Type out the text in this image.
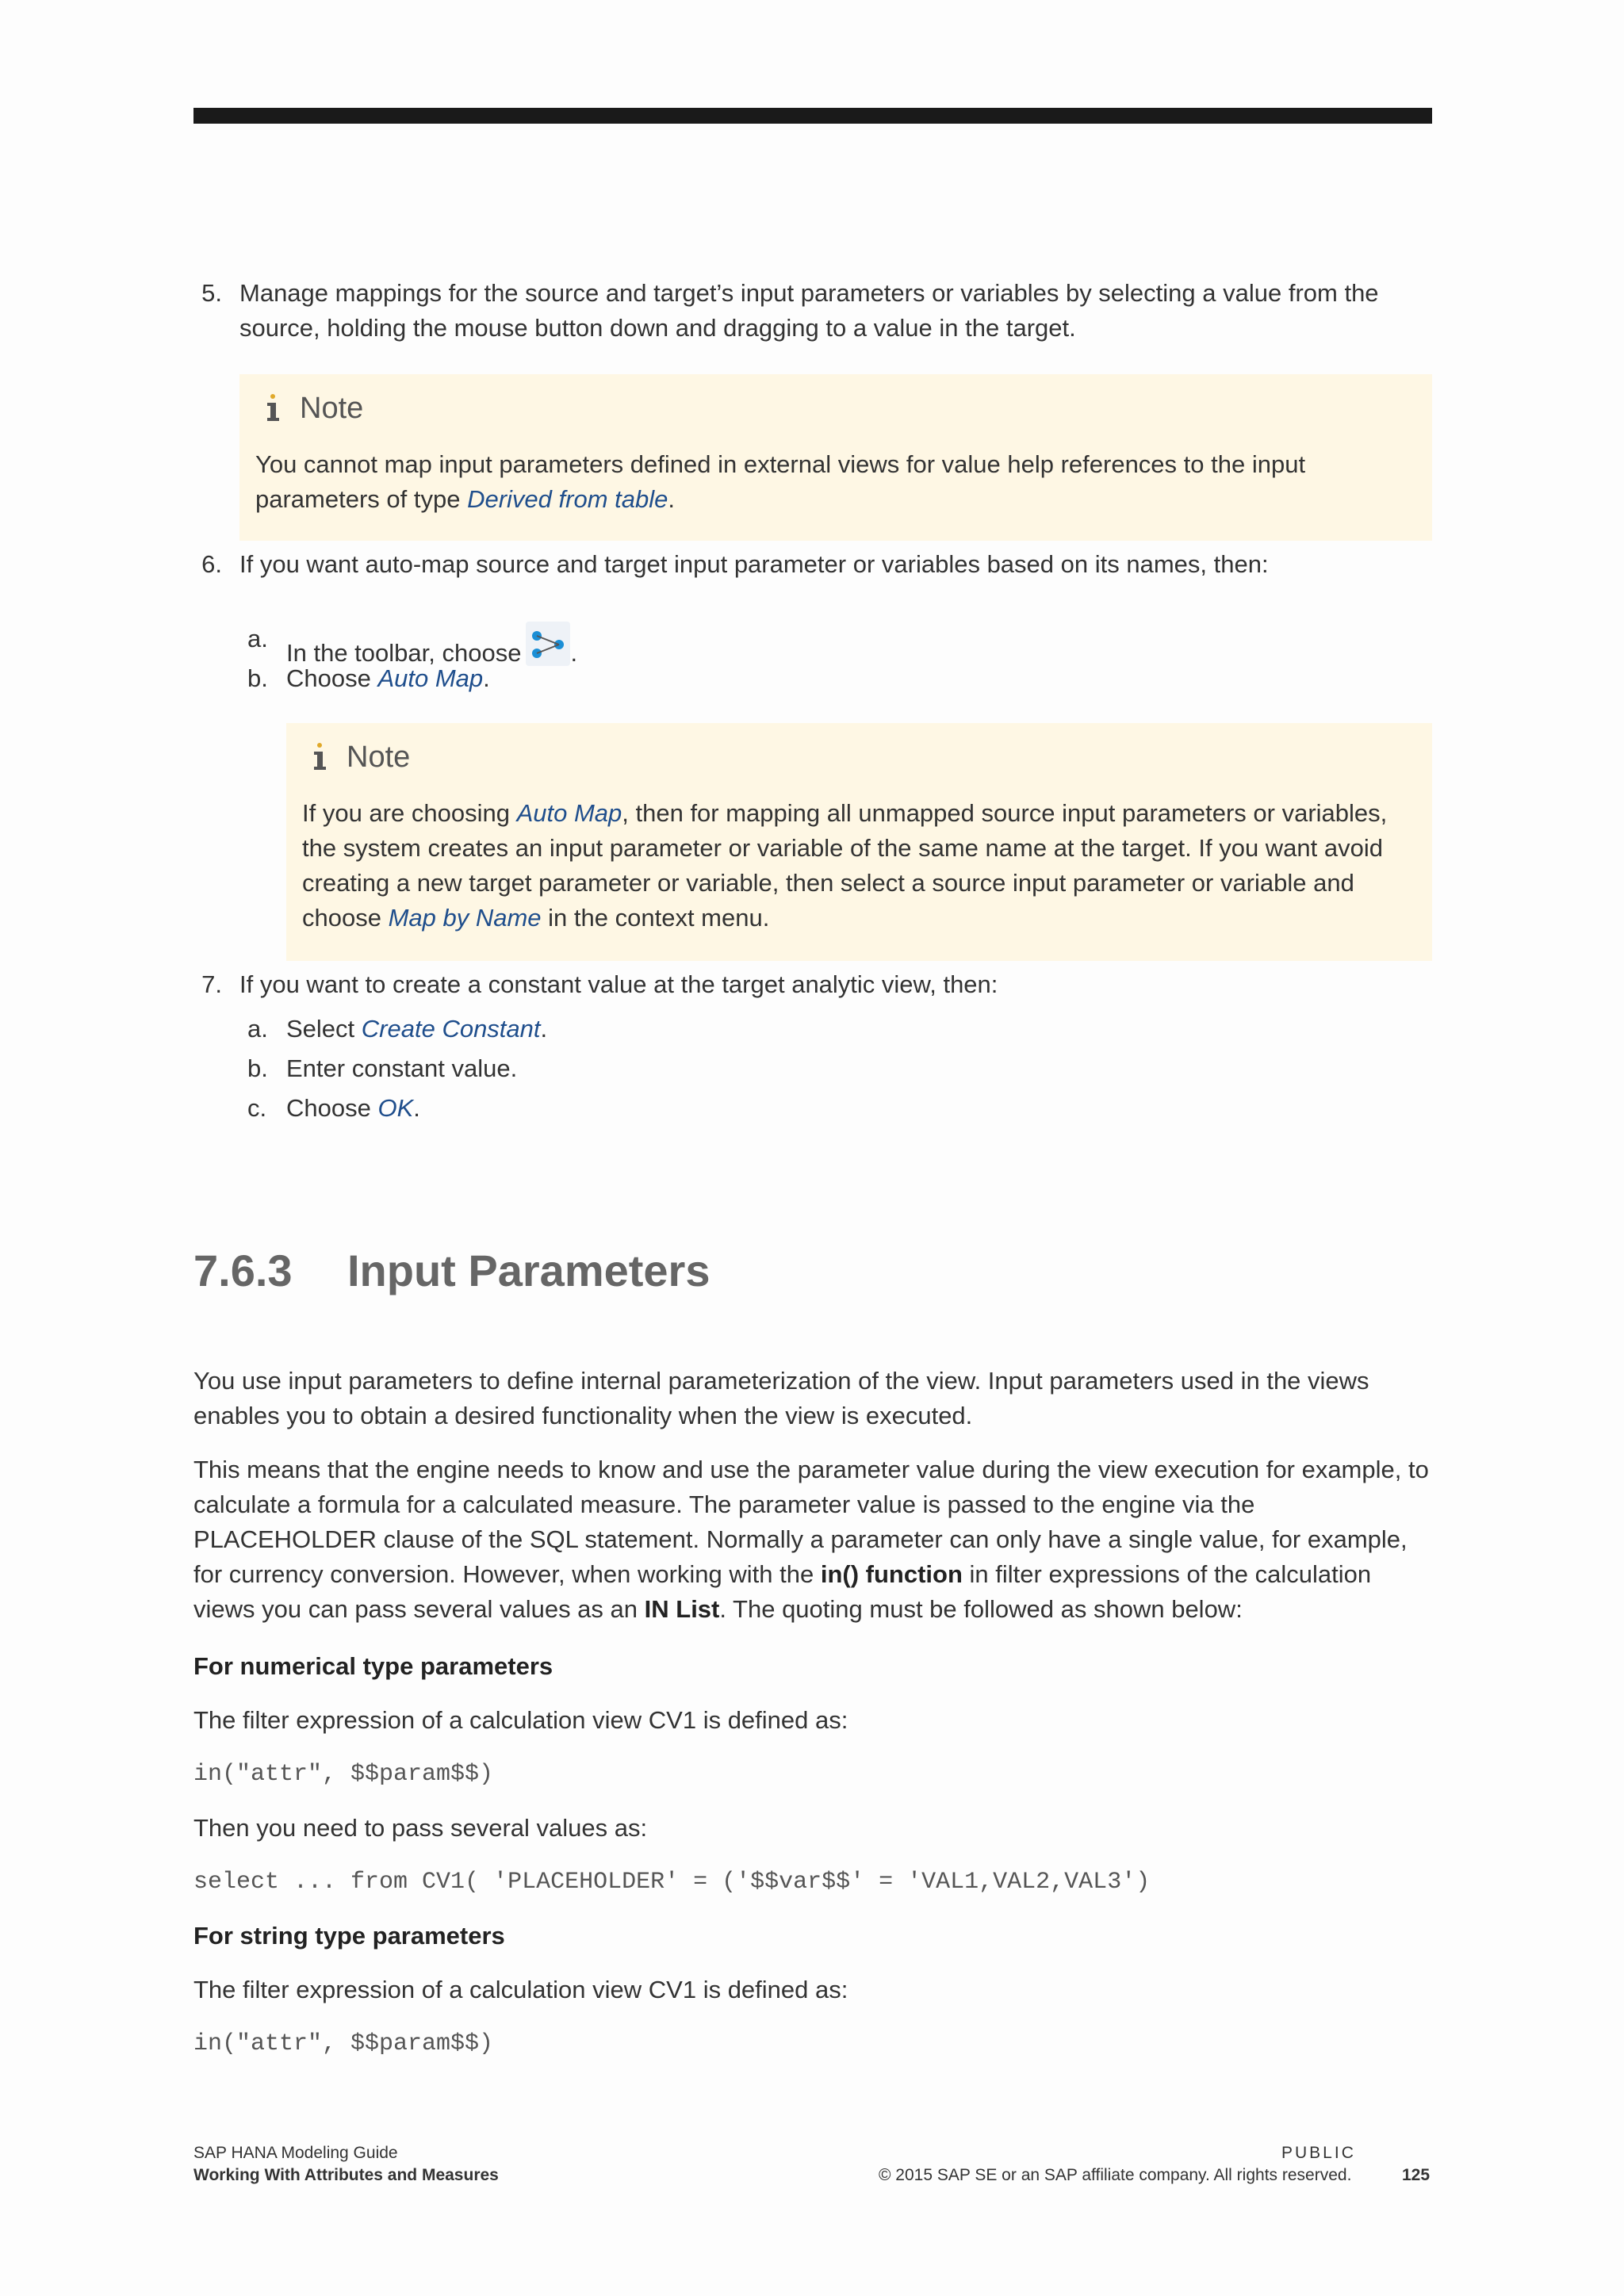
5. Manage mappings for the source and target’s input parameters or variables by selecting a value from the source, holding the mouse button down and dragging to a value in the target.
Note
You cannot map input parameters defined in external views for value help references to the input parameters of type Derived from table.
6. If you want auto-map source and target input parameter or variables based on its names, then:
a.
In the toolbar, choose .
b. Choose Auto Map.
Note
If you are choosing Auto Map, then for mapping all unmapped source input parameters or variables, the system creates an input parameter or variable of the same name at the target. If you want avoid creating a new target parameter or variable, then select a source input parameter or variable and choose Map by Name in the context menu.
7. If you want to create a constant value at the target analytic view, then:
a. Select Create Constant.
b. Enter constant value.
c. Choose OK.
7.6.3 Input Parameters
You use input parameters to define internal parameterization of the view. Input parameters used in the views enables you to obtain a desired functionality when the view is executed.
This means that the engine needs to know and use the parameter value during the view execution for example, to calculate a formula for a calculated measure. The parameter value is passed to the engine via the PLACEHOLDER clause of the SQL statement. Normally a parameter can only have a single value, for example, for currency conversion. However, when working with the in() function in filter expressions of the calculation views you can pass several values as an IN List. The quoting must be followed as shown below:
For numerical type parameters
The filter expression of a calculation view CV1 is defined as:
in("attr", $$param$$)
Then you need to pass several values as:
select ... from CV1( 'PLACEHOLDER' = ('$$var$$' = 'VAL1,VAL2,VAL3')
For string type parameters
The filter expression of a calculation view CV1 is defined as:
in("attr", $$param$$)
SAP HANA Modeling Guide
Working With Attributes and Measures
PUBLIC
© 2015 SAP SE or an SAP affiliate company. All rights reserved.	125
